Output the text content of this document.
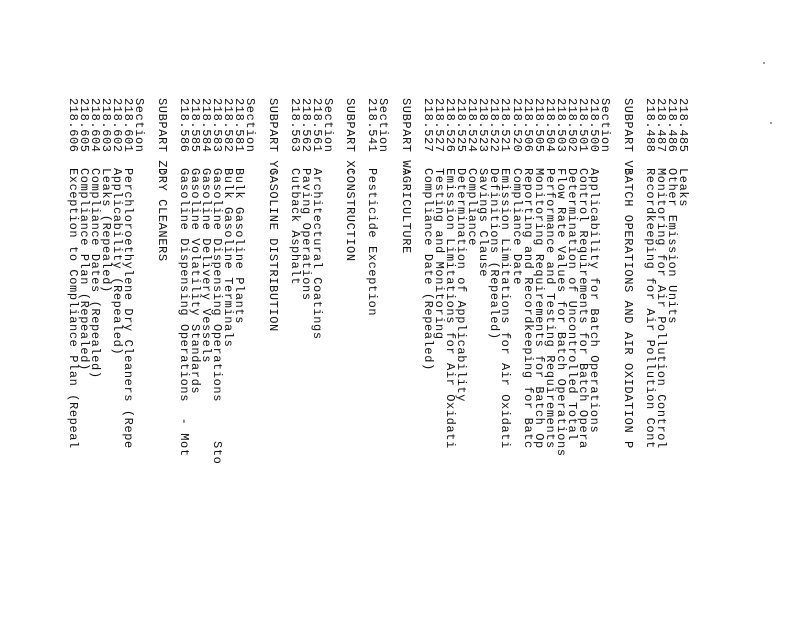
218.485Leaks
218.486Other Emission Units
218.487Monitoring for Air Pollution Control
218.488Recordkeeping for Air Pollution Cont
SUBPART V:BATCH OPERATIONS AND AIR OXIDATION P
Section
218.500Applicability for Batch Operations
218.501Control Requirements for Batch Opera
218.502Determination of Uncontrolled Total
218.503Flow Rate Values for Batch Operations
218.504Performance and Testing Requirements
218.505Monitoring Requirements for Batch Op
218.506Reporting and Recordkeeping for Batc
218.520Compliance Date
218.521Emission Limitations for Air Oxidati
218.522Definitions (Repealed)
218.523Savings Clause
218.524Compliance
218.525Determination of Applicability
218.526Emission Limitations for Air Oxidati
218.527Testing and Monitoring
218.527Compliance Date (Repealed)
SUBPART W:AGRICULTURE
Section
218.541Pesticide Exception
SUBPART X:CONSTRUCTION
Section
218.561Architectural Coatings
218.562Paving Operations
218.563Cutback Asphalt
SUBPART Y:GASOLINE DISTRIBUTION
Section
218.581Bulk Gasoline Plants
218.582Bulk Gasoline Terminals
218.583Gasoline Dispensing Operations     Sto
218.584Gasoline Delivery Vessels
218.585Gasoline Volatility Standards
218.586Gasoline Dispensing Operations  - Mot
SUBPART Z:DRY CLEANERS
Section
218.601Perchloroethylene Dry Cleaners (Repe
218.602Applicability (Repealed)
218.603Leaks (Repealed)
218.604Compliance Dates (Repealed)
218.605Compliance Plan (Repealed)
218.606Exception to Compliance Plan (Repeal
